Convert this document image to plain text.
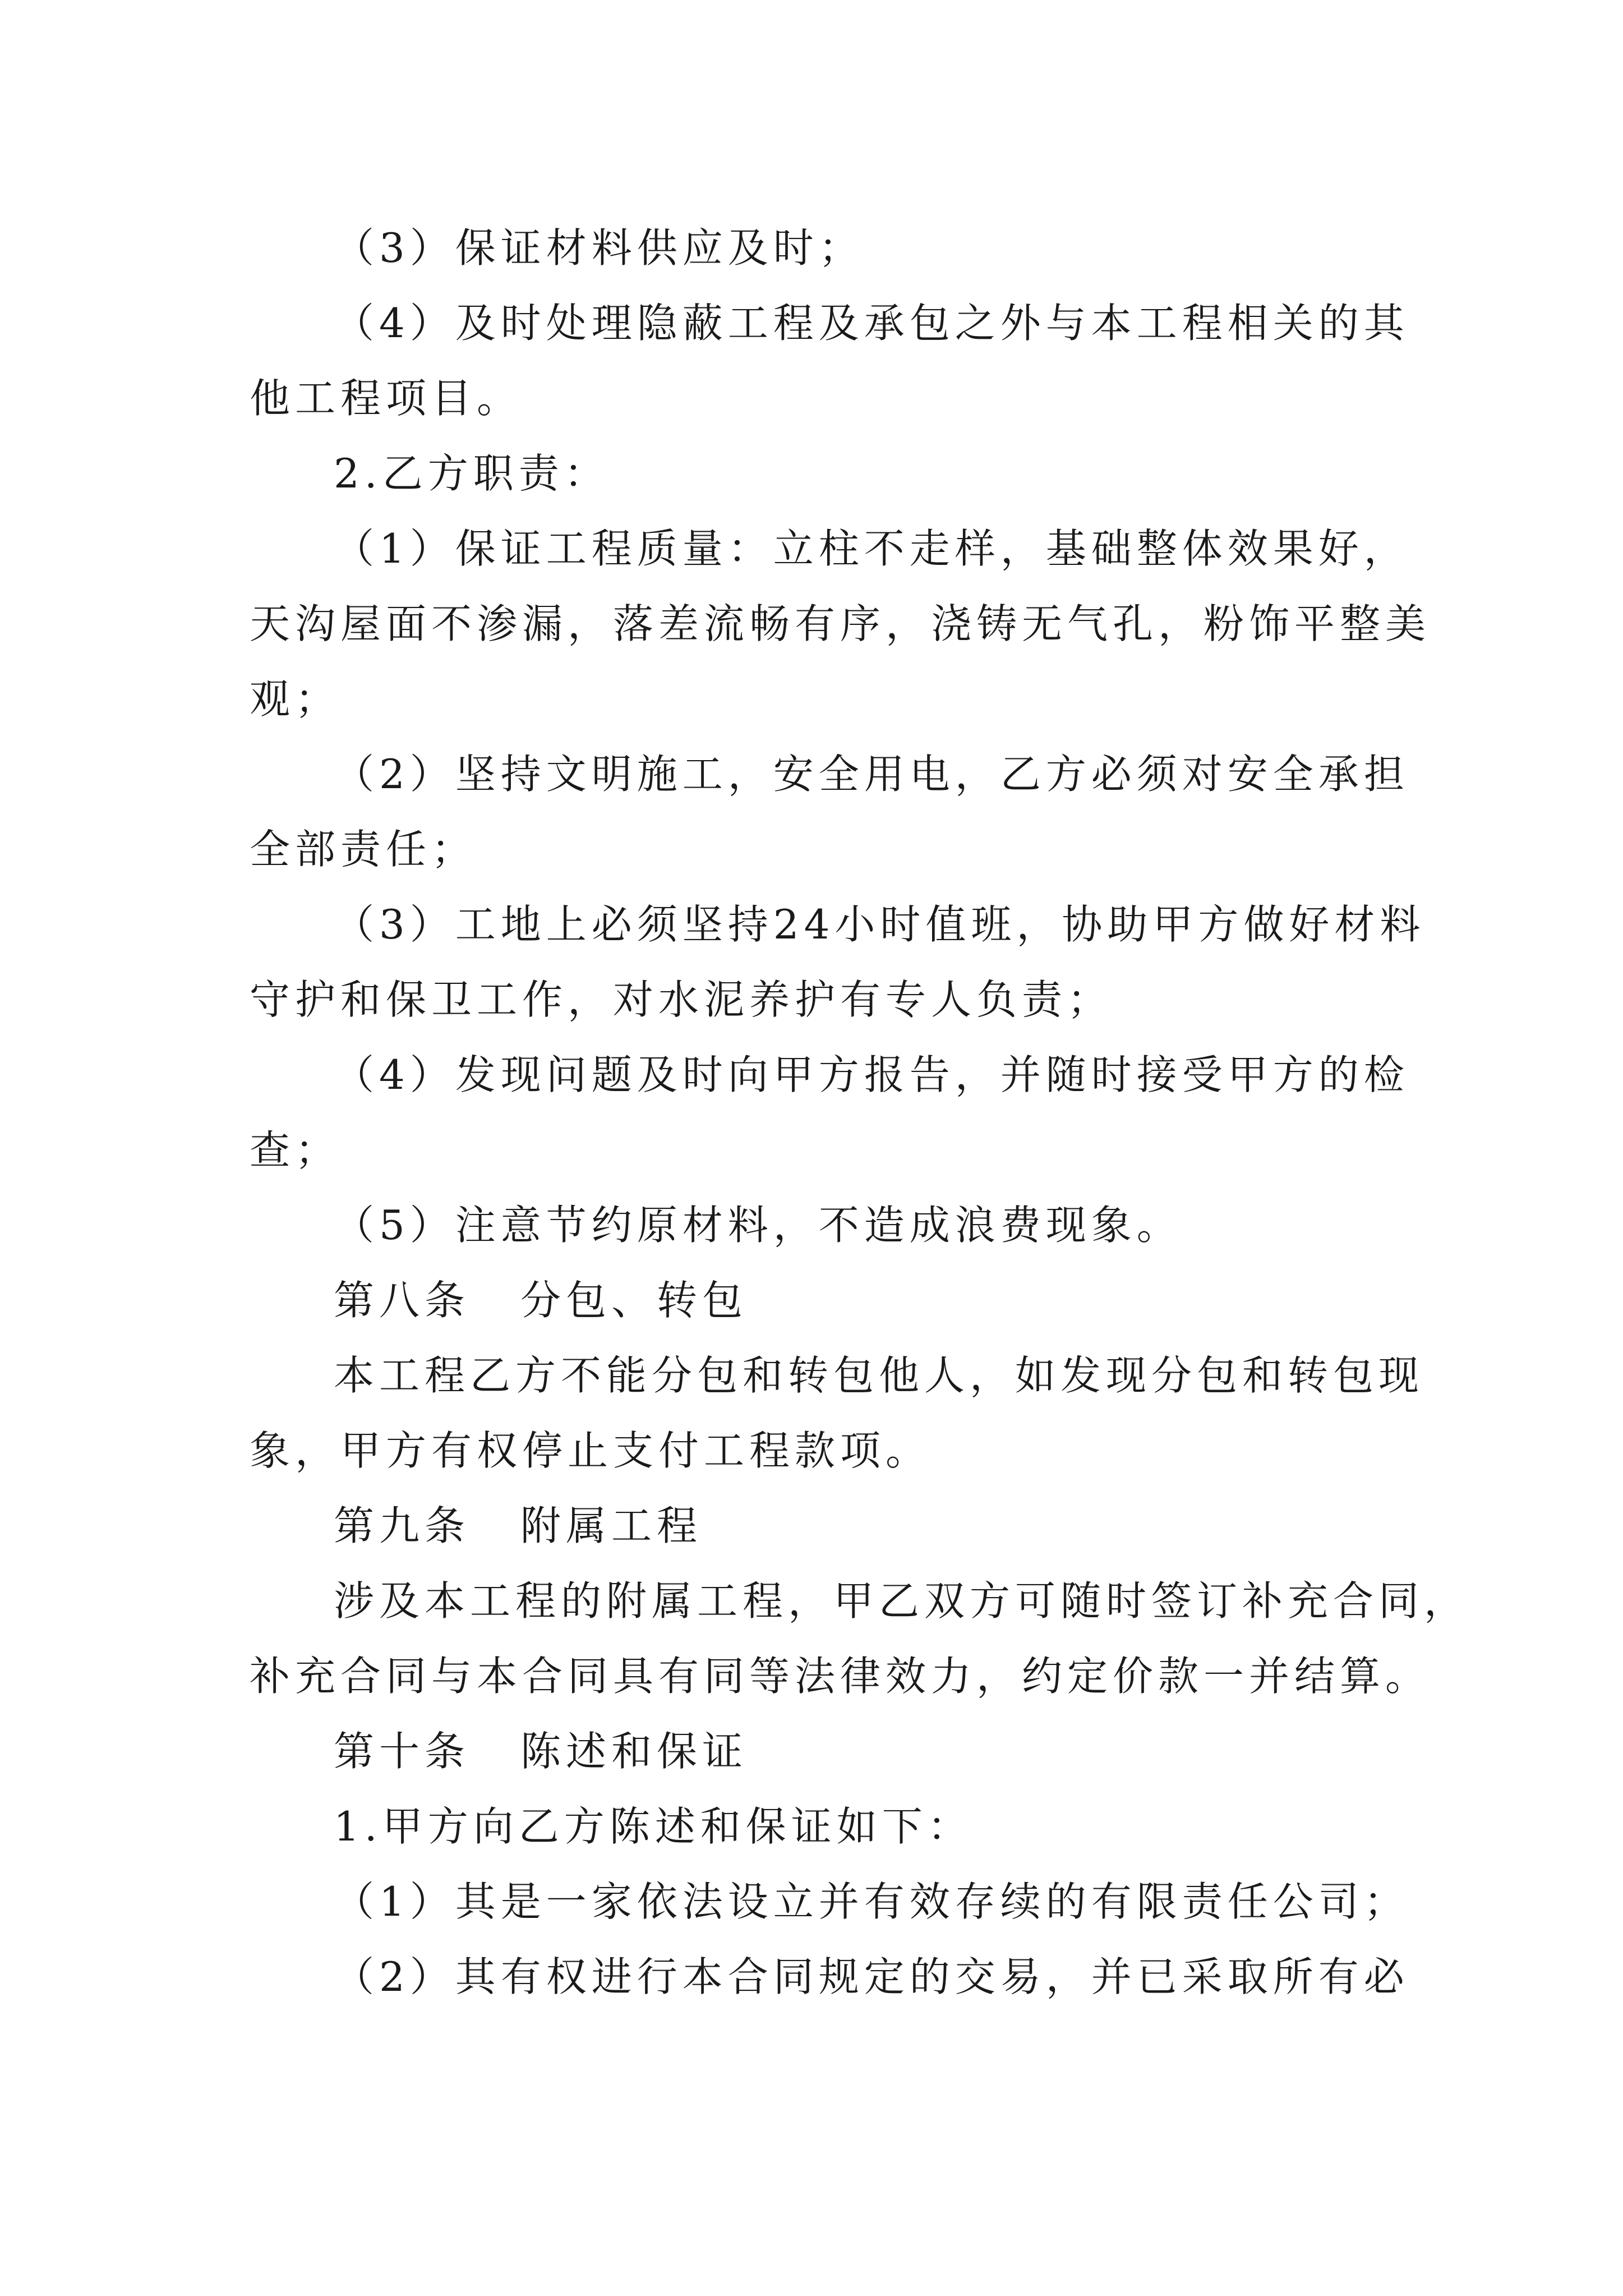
（3）保证材料供应及时；
（4）及时处理隐蔽工程及承包之外与本工程相关的其
他工程项目。
2.乙方职责：
（1）保证工程质量：立柱不走样，基础整体效果好，
天沟屋面不渗漏，落差流畅有序，浇铸无气孔，粉饰平整美
观；
（2）坚持文明施工，安全用电，乙方必须对安全承担
全部责任；
（3）工地上必须坚持24小时值班，协助甲方做好材料
守护和保卫工作，对水泥养护有专人负责；
（4）发现问题及时向甲方报告，并随时接受甲方的检
查；
（5）注意节约原材料，不造成浪费现象。
第八条 分包、转包
本工程乙方不能分包和转包他人，如发现分包和转包现
象，甲方有权停止支付工程款项。
第九条 附属工程
涉及本工程的附属工程，甲乙双方可随时签订补充合同，
补充合同与本合同具有同等法律效力，约定价款一并结算。
第十条 陈述和保证
1.甲方向乙方陈述和保证如下：
（1）其是一家依法设立并有效存续的有限责任公司；
（2）其有权进行本合同规定的交易，并已采取所有必
